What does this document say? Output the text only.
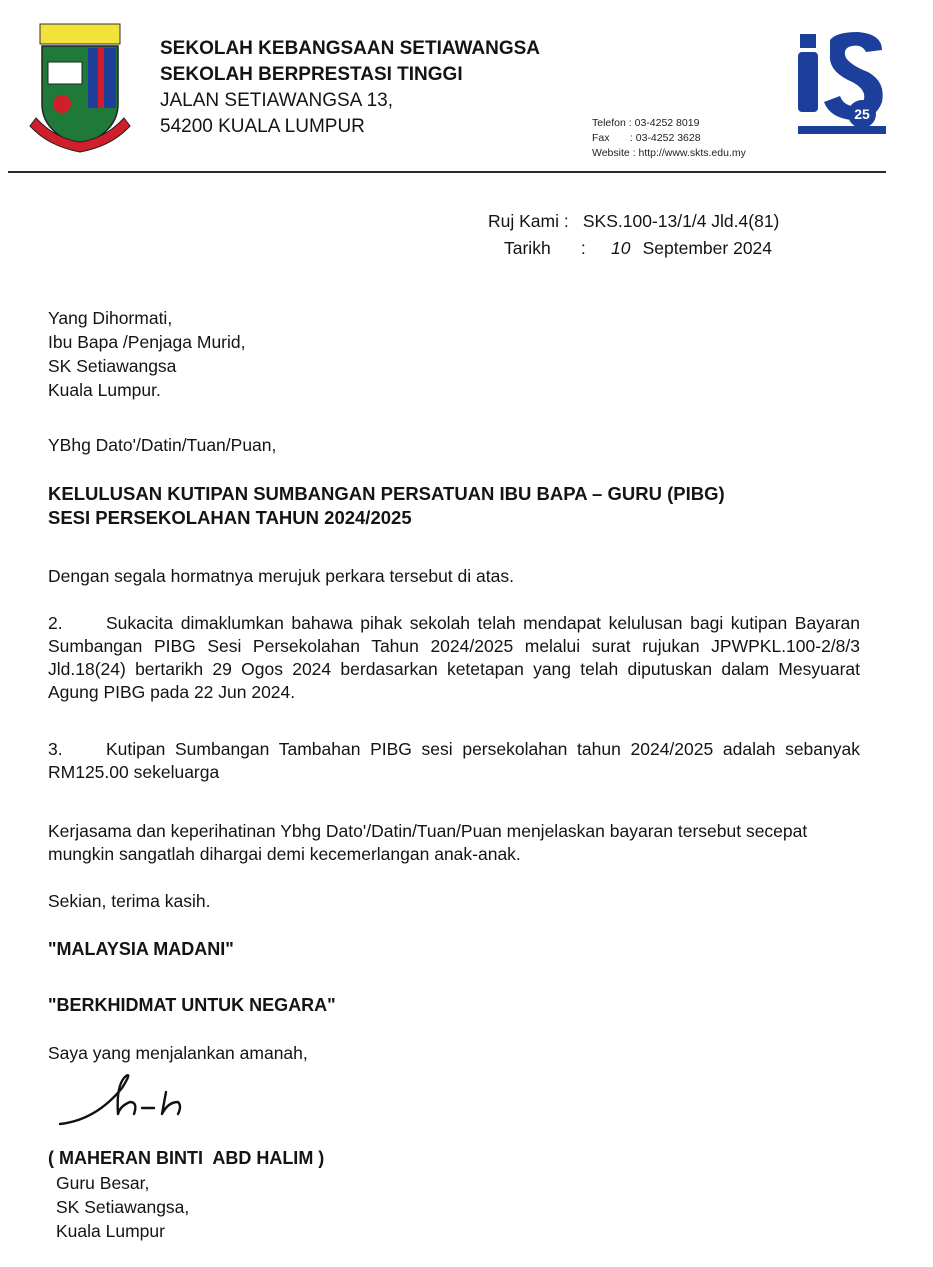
SEKOLAH KEBANGSAAN SETIAWANGSA
SEKOLAH BERPRESTASI TINGGI
JALAN SETIAWANGSA 13,
54200 KUALA LUMPUR	Telefon : 03-4252 8019
Fax       : 03-4252 3628
Website : http://www.skts.edu.my
25
Ruj Kami : SKS.100-13/1/4 Jld.4(81)
Tarikh : 10 September 2024
Yang Dihormati,
Ibu Bapa /Penjaga Murid,
SK Setiawangsa
Kuala Lumpur.
YBhg Dato'/Datin/Tuan/Puan,
KELULUSAN KUTIPAN SUMBANGAN PERSATUAN IBU BAPA – GURU (PIBG)
SESI PERSEKOLAHAN TAHUN 2024/2025
Dengan segala hormatnya merujuk perkara tersebut di atas.
2. Sukacita dimaklumkan bahawa pihak sekolah telah mendapat kelulusan bagi kutipan Bayaran Sumbangan PIBG Sesi Persekolahan Tahun 2024/2025 melalui surat rujukan JPWPKL.100-2/8/3 Jld.18(24) bertarikh 29 Ogos 2024 berdasarkan ketetapan yang telah diputuskan dalam Mesyuarat Agung PIBG pada 22 Jun 2024.
3. Kutipan Sumbangan Tambahan PIBG sesi persekolahan tahun 2024/2025 adalah sebanyak RM125.00 sekeluarga
Kerjasama dan keperihatinan Ybhg Dato'/Datin/Tuan/Puan menjelaskan bayaran tersebut secepat mungkin sangatlah dihargai demi kecemerlangan anak-anak.
Sekian, terima kasih.
"MALAYSIA MADANI"
"BERKHIDMAT UNTUK NEGARA"
Saya yang menjalankan amanah,
( MAHERAN BINTI  ABD HALIM )
Guru Besar,
SK Setiawangsa,
Kuala Lumpur
